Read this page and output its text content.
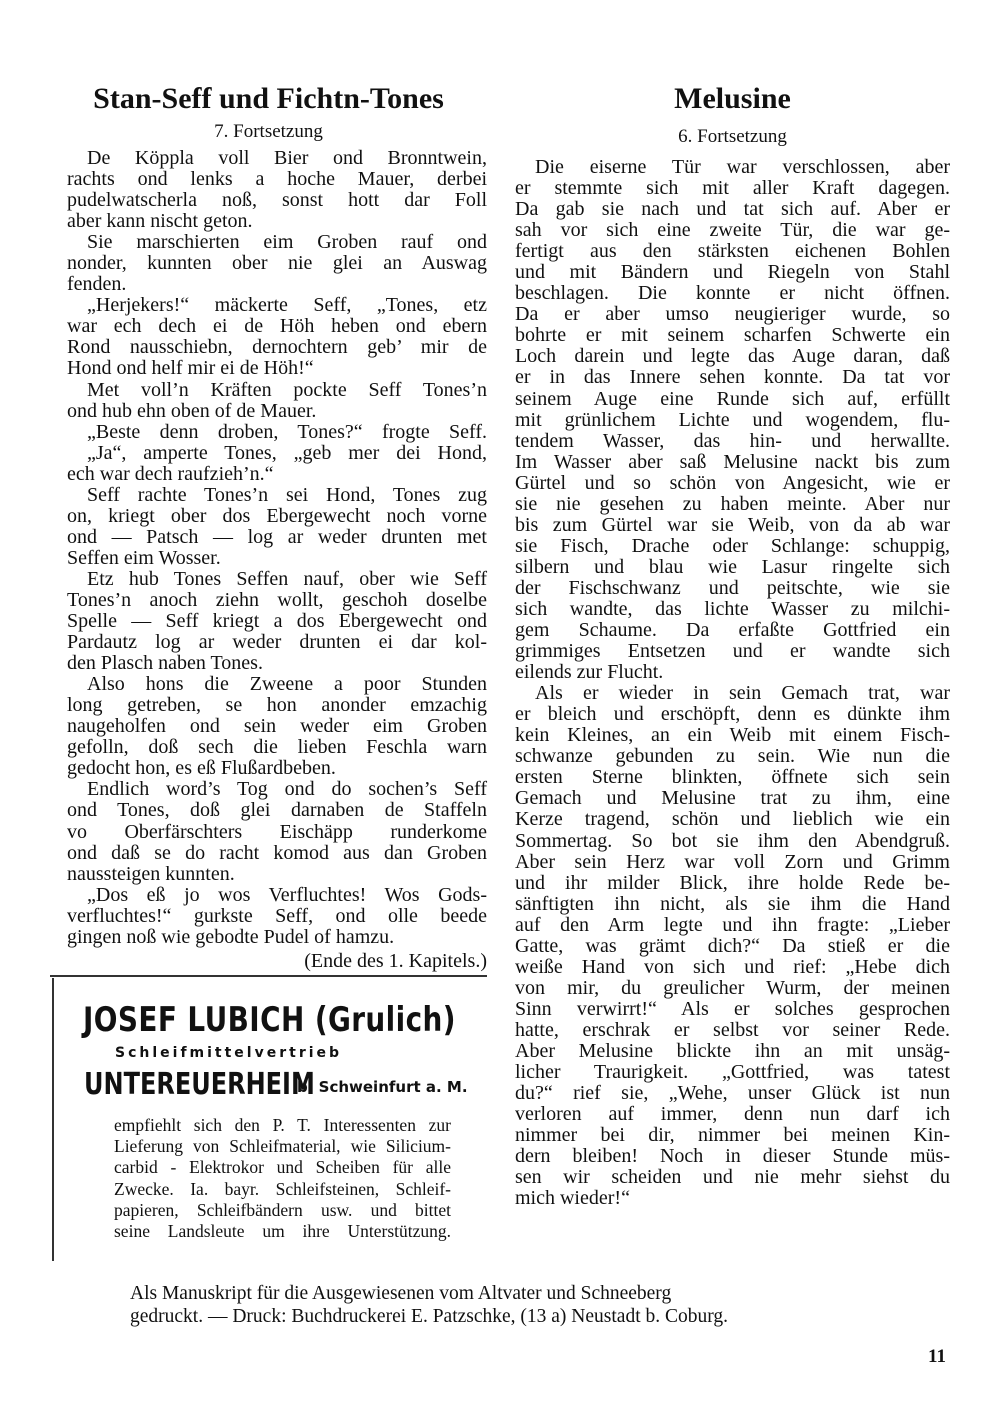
Stan-Seff und Fichtn-Tones
7. Fortsetzung
De Köppla voll Bier ond Bronntwein,
rachts ond lenks a hoche Mauer, derbei
pudelwatscherla noß, sonst hott dar Foll
aber kann nischt geton.
Sie marschierten eim Groben rauf ond
nonder, kunnten ober nie glei an Auswag
fenden.
„Herjekers!“ mäckerte Seff, „Tones, etz
war ech dech ei de Höh heben ond ebern
Rond nausschiebn, dernochtern geb’ mir de
Hond ond helf mir ei de Höh!“
Met voll’n Kräften pockte Seff Tones’n
ond hub ehn oben of de Mauer.
„Beste denn droben, Tones?“ frogte Seff.
„Ja“, amperte Tones, „geb mer dei Hond,
ech war dech raufzieh’n.“
Seff rachte Tones’n sei Hond, Tones zug
on, kriegt ober dos Ebergewecht noch vorne
ond — Patsch — log ar weder drunten met
Seffen eim Wosser.
Etz hub Tones Seffen nauf, ober wie Seff
Tones’n anoch ziehn wollt, geschoh doselbe
Spelle — Seff kriegt a dos Ebergewecht ond
Pardautz log ar weder drunten ei dar kol-
den Plasch naben Tones.
Also hons die Zweene a poor Stunden
long getreben, se hon anonder emzachig
naugeholfen ond sein weder eim Groben
gefolln, doß sech die lieben Feschla warn
gedocht hon, es eß Flußardbeben.
Endlich word’s Tog ond do sochen’s Seff
ond Tones, doß glei darnaben de Staffeln
vo Oberfärschters Eischäpp runderkome
ond daß se do racht komod aus dan Groben
naussteigen kunnten.
„Dos eß jo wos Verfluchtes! Wos Gods-
verfluchtes!“ gurkste Seff, ond olle beede
gingen noß wie gebodte Pudel of hamzu.
(Ende des 1. Kapitels.)
Melusine
6. Fortsetzung
Die eiserne Tür war verschlossen, aber
er stemmte sich mit aller Kraft dagegen.
Da gab sie nach und tat sich auf. Aber er
sah vor sich eine zweite Tür, die war ge-
fertigt aus den stärksten eichenen Bohlen
und mit Bändern und Riegeln von Stahl
beschlagen. Die konnte er nicht öffnen.
Da er aber umso neugieriger wurde, so
bohrte er mit seinem scharfen Schwerte ein
Loch darein und legte das Auge daran, daß
er in das Innere sehen konnte. Da tat vor
seinem Auge eine Runde sich auf, erfüllt
mit grünlichem Lichte und wogendem, flu-
tendem Wasser, das hin- und herwallte.
Im Wasser aber saß Melusine nackt bis zum
Gürtel und so schön von Angesicht, wie er
sie nie gesehen zu haben meinte. Aber nur
bis zum Gürtel war sie Weib, von da ab war
sie Fisch, Drache oder Schlange: schuppig,
silbern und blau wie Lasur ringelte sich
der Fischschwanz und peitschte, wie sie
sich wandte, das lichte Wasser zu milchi-
gem Schaume. Da erfaßte Gottfried ein
grimmiges Entsetzen und er wandte sich
eilends zur Flucht.
Als er wieder in sein Gemach trat, war
er bleich und erschöpft, denn es dünkte ihm
kein Kleines, an ein Weib mit einem Fisch-
schwanze gebunden zu sein. Wie nun die
ersten Sterne blinkten, öffnete sich sein
Gemach und Melusine trat zu ihm, eine
Kerze tragend, schön und lieblich wie ein
Sommertag. So bot sie ihm den Abendgruß.
Aber sein Herz war voll Zorn und Grimm
und ihr milder Blick, ihre holde Rede be-
sänftigten ihn nicht, als sie ihm die Hand
auf den Arm legte und ihn fragte: „Lieber
Gatte, was grämt dich?“ Da stieß er die
weiße Hand von sich und rief: „Hebe dich
von mir, du greulicher Wurm, der meinen
Sinn verwirrt!“ Als er solches gesprochen
hatte, erschrak er selbst vor seiner Rede.
Aber Melusine blickte ihn an mit unsäg-
licher Traurigkeit. „Gottfried, was tatest
du?“ rief sie, „Wehe, unser Glück ist nun
verloren auf immer, denn nun darf ich
nimmer bei dir, nimmer bei meinen Kin-
dern bleiben! Noch in dieser Stunde müs-
sen wir scheiden und nie mehr siehst du
mich wieder!“
JOSEF LUBICH (Grulich)
Schleifmittelvertrieb
UNTEREUERHEIM
b. Schweinfurt a. M.
empfiehlt sich den P. T. Interessenten zur
Lieferung von Schleifmaterial, wie Silicium-
carbid - Elektrokor und Scheiben für alle
Zwecke. Ia. bayr. Schleifsteinen, Schleif-
papieren, Schleifbändern usw. und bittet
seine Landsleute um ihre Unterstützung.
Als Manuskript für die Ausgewiesenen vom Altvater und Schneeberg
gedruckt. — Druck: Buchdruckerei E. Patzschke, (13 a) Neustadt b. Coburg.
11
